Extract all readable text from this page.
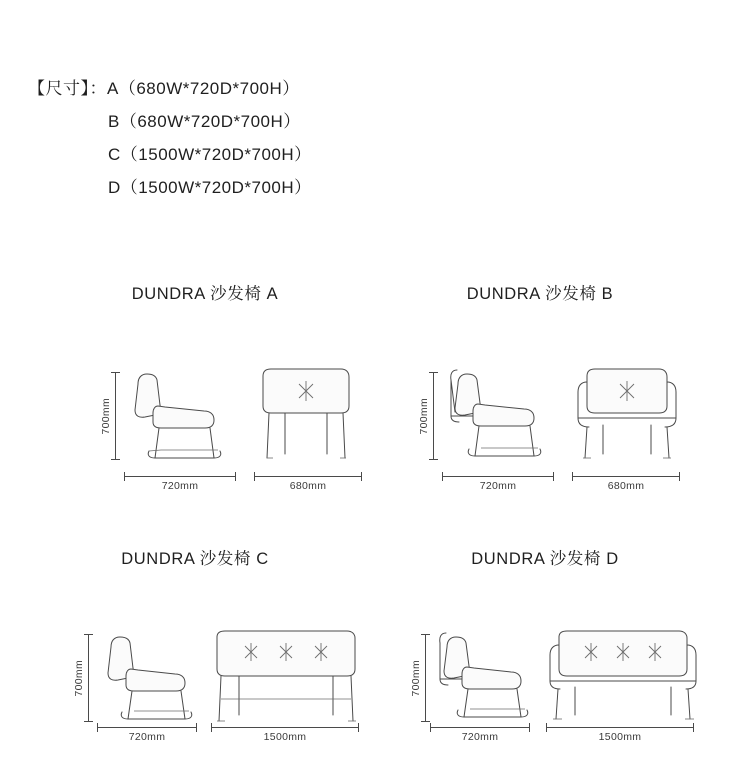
【尺寸】：A（680W*720D*700H）
B（680W*720D*700H）
C（1500W*720D*700H）
D（1500W*720D*700H）
DUNDRA 沙发椅 A
700mm
720mm	680mm
DUNDRA 沙发椅 B
700mm
720mm	680mm
DUNDRA 沙发椅 C
700mm
720mm	1500mm
DUNDRA 沙发椅 D
700mm
720mm	1500mm
